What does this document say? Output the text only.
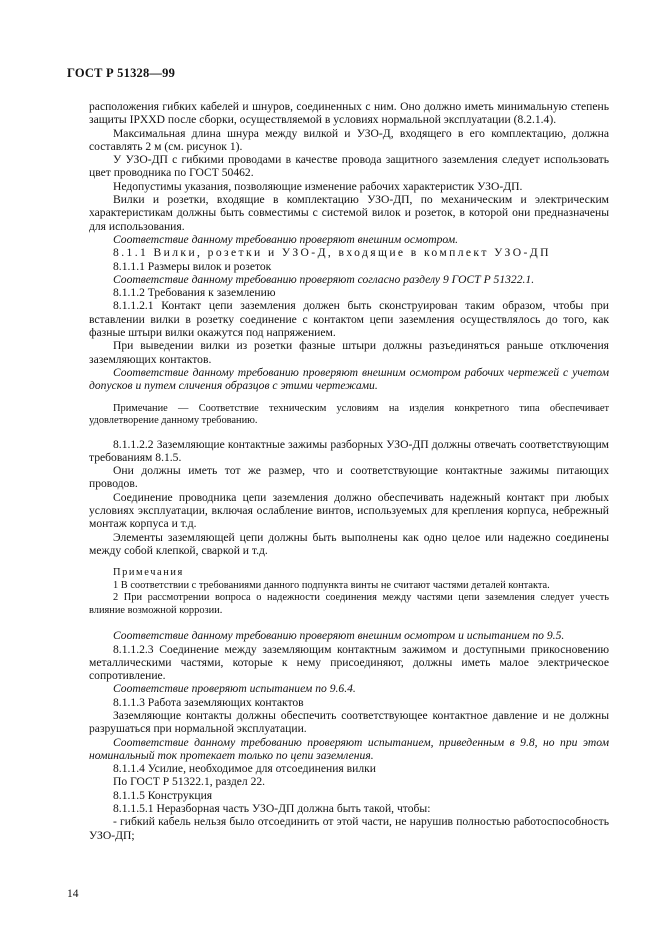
ГОСТ Р 51328—99

расположения гибких кабелей и шнуров, соединенных с ним. Оно должно иметь минимальную степень защиты IPXXD после сборки, осуществляемой в условиях нормальной эксплуатации (8.2.1.4).

Максимальная длина шнура между вилкой и УЗО-Д, входящего в его комплектацию, должна составлять 2 м (см. рисунок 1).

У УЗО-ДП с гибкими проводами в качестве провода защитного заземления следует использовать цвет проводника по ГОСТ 50462.

Недопустимы указания, позволяющие изменение рабочих характеристик УЗО-ДП.

Вилки и розетки, входящие в комплектацию УЗО-ДП, по механическим и электрическим характеристикам должны быть совместимы с системой вилок и розеток, в которой они предназначены для использования.

Соответствие данному требованию проверяют внешним осмотром.

8.1.1 Вилки, розетки и УЗО-Д, входящие в комплект УЗО-ДП

8.1.1.1 Размеры вилок и розеток

Соответствие данному требованию проверяют согласно разделу 9 ГОСТ Р 51322.1.

8.1.1.2 Требования к заземлению

8.1.1.2.1 Контакт цепи заземления должен быть сконструирован таким образом, чтобы при вставлении вилки в розетку соединение с контактом цепи заземления осуществлялось до того, как фазные штыри вилки окажутся под напряжением.

При выведении вилки из розетки фазные штыри должны разъединяться раньше отключения заземляющих контактов.

Соответствие данному требованию проверяют внешним осмотром рабочих чертежей с учетом допусков и путем сличения образцов с этими чертежами.

Примечание — Соответствие техническим условиям на изделия конкретного типа обеспечивает удовлетворение данному требованию.

8.1.1.2.2 Заземляющие контактные зажимы разборных УЗО-ДП должны отвечать соответствующим требованиям 8.1.5.

Они должны иметь тот же размер, что и соответствующие контактные зажимы питающих проводов.

Соединение проводника цепи заземления должно обеспечивать надежный контакт при любых условиях эксплуатации, включая ослабление винтов, используемых для крепления корпуса, небрежный монтаж корпуса и т.д.

Элементы заземляющей цепи должны быть выполнены как одно целое или надежно соединены между собой клепкой, сваркой и т.д.

Примечания

1 В соответствии с требованиями данного подпункта винты не считают частями деталей контакта.

2 При рассмотрении вопроса о надежности соединения между частями цепи заземления следует учесть влияние возможной коррозии.

Соответствие данному требованию проверяют внешним осмотром и испытанием по 9.5.

8.1.1.2.3 Соединение между заземляющим контактным зажимом и доступными прикосновению металлическими частями, которые к нему присоединяют, должны иметь малое электрическое сопротивление.

Соответствие проверяют испытанием по 9.6.4.

8.1.1.3 Работа заземляющих контактов

Заземляющие контакты должны обеспечить соответствующее контактное давление и не должны разрушаться при нормальной эксплуатации.

Соответствие данному требованию проверяют испытанием, приведенным в 9.8, но при этом номинальный ток протекает только по цепи заземления.

8.1.1.4 Усилие, необходимое для отсоединения вилки

По ГОСТ Р 51322.1, раздел 22.

8.1.1.5 Конструкция

8.1.1.5.1 Неразборная часть УЗО-ДП должна быть такой, чтобы:

- гибкий кабель нельзя было отсоединить от этой части, не нарушив полностью работоспособность УЗО-ДП;

14
